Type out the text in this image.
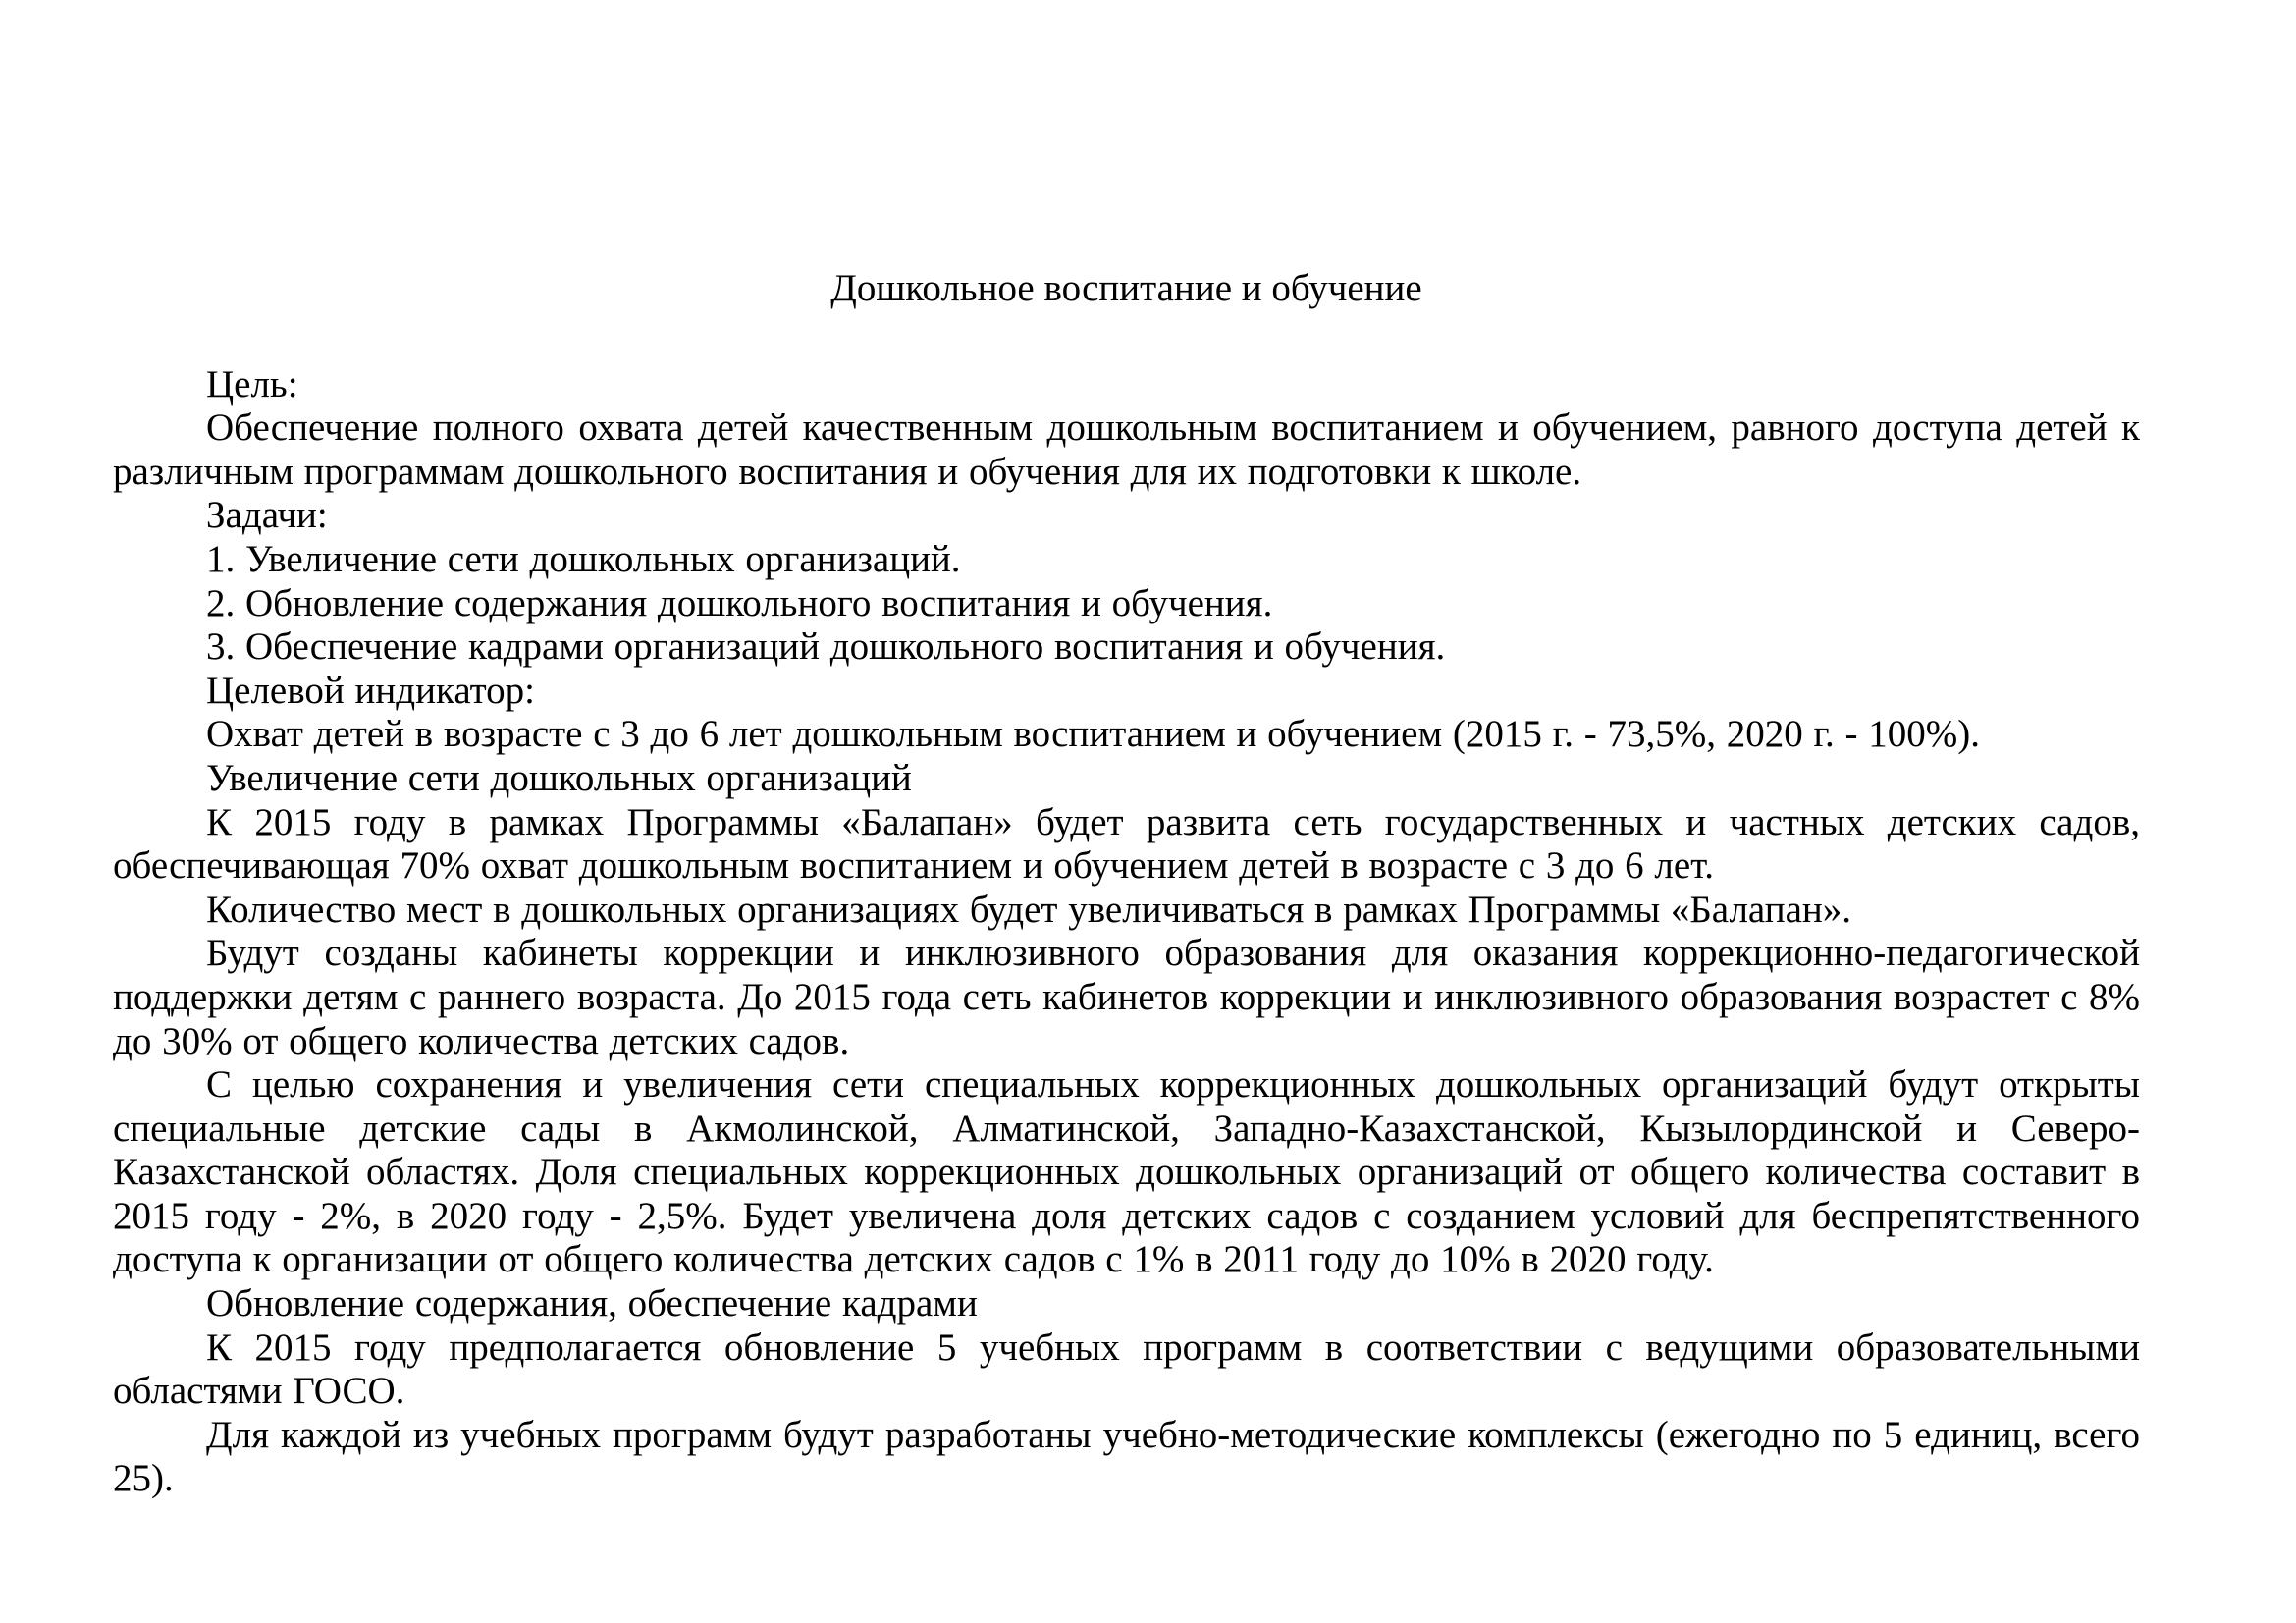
Дошкольное воспитание и обучение

Цель:

Обеспечение полного охвата детей качественным дошкольным воспитанием и обучением, равного доступа детей к различным программам дошкольного воспитания и обучения для их подготовки к школе.

Задачи:

1. Увеличение сети дошкольных организаций.

2. Обновление содержания дошкольного воспитания и обучения.

3. Обеспечение кадрами организаций дошкольного воспитания и обучения.

Целевой индикатор:

Охват детей в возрасте с 3 до 6 лет дошкольным воспитанием и обучением (2015 г. - 73,5%, 2020 г. - 100%).

Увеличение сети дошкольных организаций

К 2015 году в рамках Программы «Балапан» будет развита сеть государственных и частных детских садов, обеспечивающая 70% охват дошкольным воспитанием и обучением детей в возрасте с 3 до 6 лет.

Количество мест в дошкольных организациях будет увеличиваться в рамках Программы «Балапан».

Будут созданы кабинеты коррекции и инклюзивного образования для оказания коррекционно-педагогической поддержки детям с раннего возраста. До 2015 года сеть кабинетов коррекции и инклюзивного образования возрастет с 8% до 30% от общего количества детских садов.

С целью сохранения и увеличения сети специальных коррекционных дошкольных организаций будут открыты специальные детские сады в Акмолинской, Алматинской, Западно-Казахстанской, Кызылординской и Северо-Казахстанской областях. Доля специальных коррекционных дошкольных организаций от общего количества составит в 2015 году - 2%, в 2020 году - 2,5%. Будет увеличена доля детских садов с созданием условий для беспрепятственного доступа к организации от общего количества детских садов с 1% в 2011 году до 10% в 2020 году.

Обновление содержания, обеспечение кадрами

К 2015 году предполагается обновление 5 учебных программ в соответствии с ведущими образовательными областями ГОСО.

Для каждой из учебных программ будут разработаны учебно-методические комплексы (ежегодно по 5 единиц, всего 25).
